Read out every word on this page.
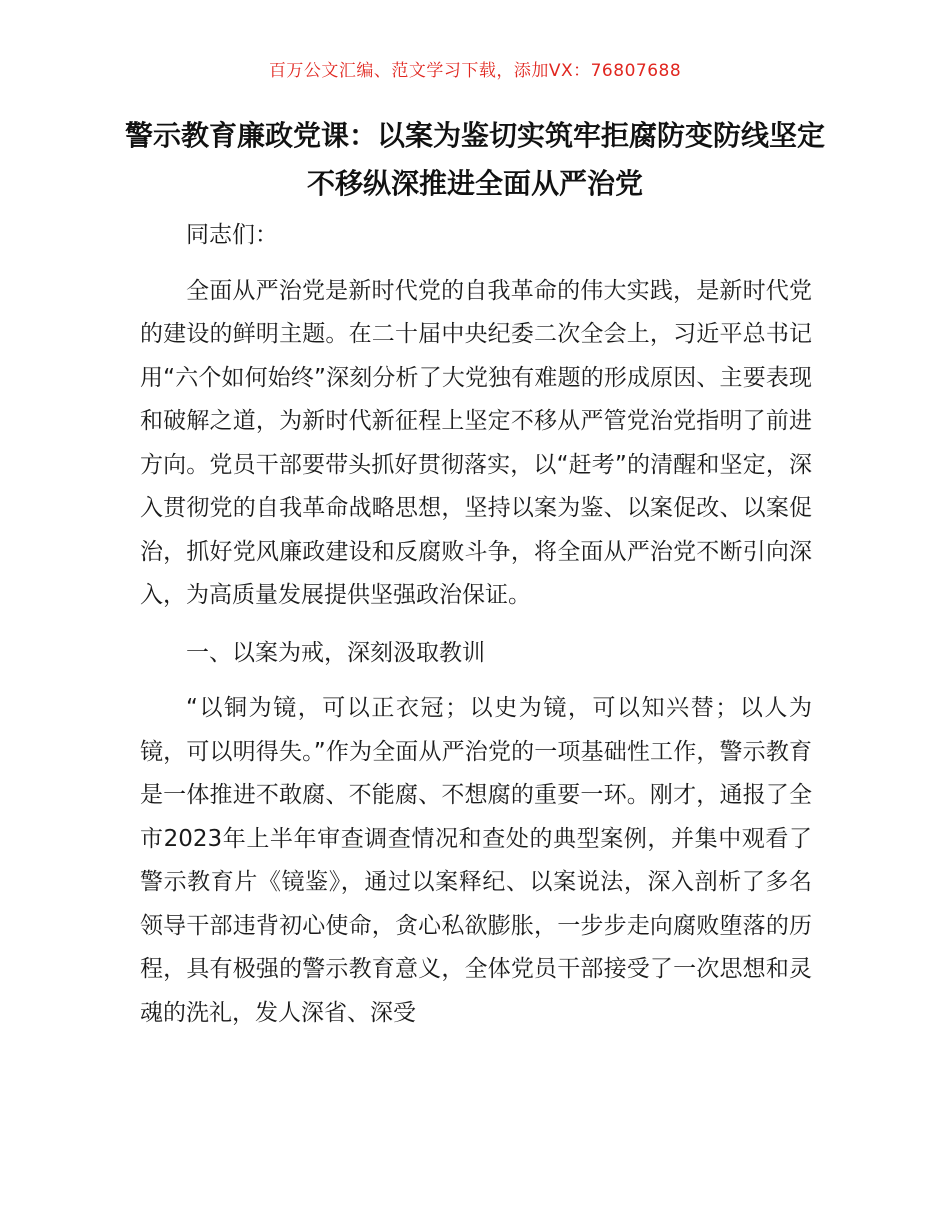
百万公文汇编、范文学习下载，添加VX：76807688
警示教育廉政党课：以案为鉴切实筑牢拒腐防变防线坚定不移纵深推进全面从严治党

同志们：

全面从严治党是新时代党的自我革命的伟大实践，是新时代党的建设的鲜明主题。在二十届中央纪委二次全会上，习近平总书记用“六个如何始终”深刻分析了大党独有难题的形成原因、主要表现和破解之道，为新时代新征程上坚定不移从严管党治党指明了前进方向。党员干部要带头抓好贯彻落实，以“赶考”的清醒和坚定，深入贯彻党的自我革命战略思想，坚持以案为鉴、以案促改、以案促治，抓好党风廉政建设和反腐败斗争，将全面从严治党不断引向深入，为高质量发展提供坚强政治保证。

一、以案为戒，深刻汲取教训

“以铜为镜，可以正衣冠；以史为镜，可以知兴替；以人为镜，可以明得失。”作为全面从严治党的一项基础性工作，警示教育是一体推进不敢腐、不能腐、不想腐的重要一环。刚才，通报了全市2023年上半年审查调查情况和查处的典型案例，并集中观看了警示教育片《镜鉴》，通过以案释纪、以案说法，深入剖析了多名领导干部违背初心使命，贪心私欲膨胀，一步步走向腐败堕落的历程，具有极强的警示教育意义，全体党员干部接受了一次思想和灵魂的洗礼，发人深省、深受
